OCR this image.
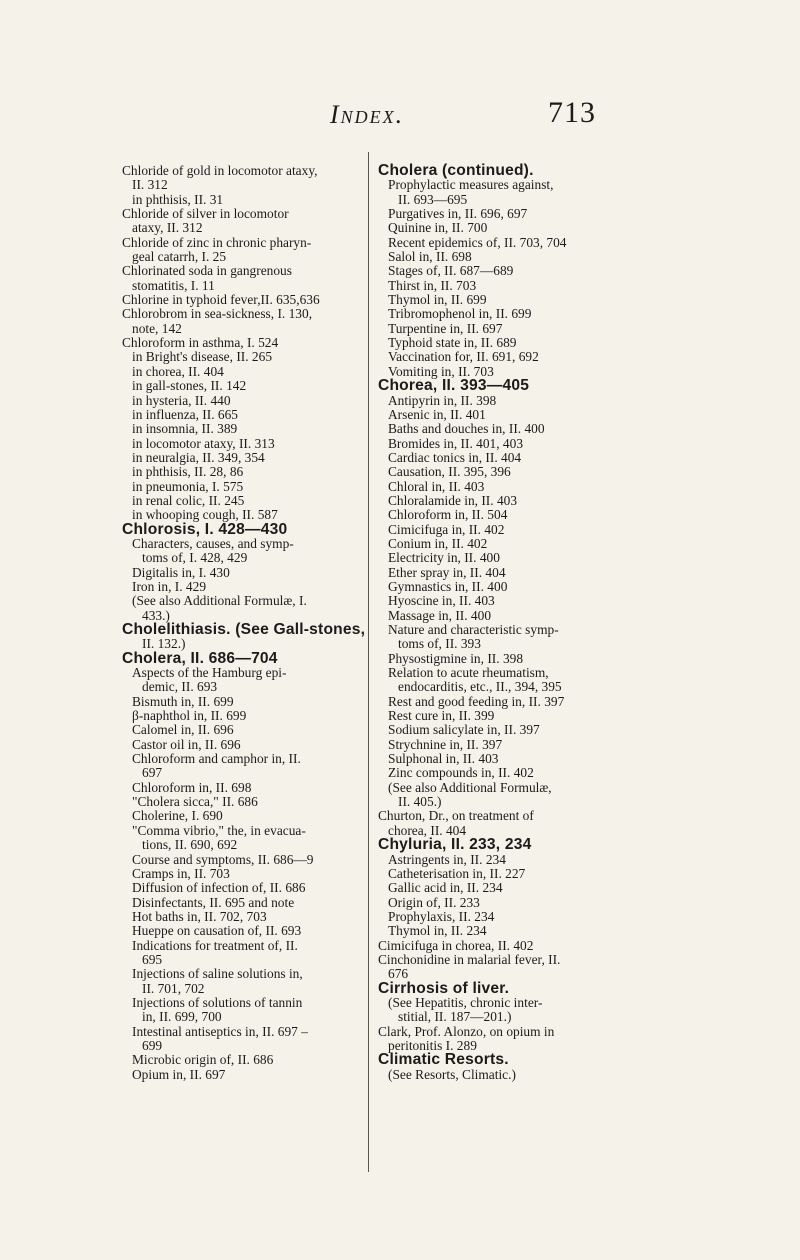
Index.	713
Chloride of gold in locomotor ataxy,
II. 312
in phthisis, II. 31
Chloride of silver in locomotor
ataxy, II. 312
Chloride of zinc in chronic pharyn-
geal catarrh, I. 25
Chlorinated soda in gangrenous
stomatitis, I. 11
Chlorine in typhoid fever,II. 635,636
Chlorobrom in sea-sickness, I. 130,
note, 142
Chloroform in asthma, I. 524
in Bright's disease, II. 265
in chorea, II. 404
in gall-stones, II. 142
in hysteria, II. 440
in influenza, II. 665
in insomnia, II. 389
in locomotor ataxy, II. 313
in neuralgia, II. 349, 354
in phthisis, II. 28, 86
in pneumonia, I. 575
in renal colic, II. 245
in whooping cough, II. 587
Chlorosis, I. 428—430
Characters, causes, and symp-
toms of, I. 428, 429
Digitalis in, I. 430
Iron in, I. 429
(See also Additional Formulæ, I.
433.)
Cholelithiasis. (See Gall-stones,
II. 132.)
Cholera, II. 686—704
Aspects of the Hamburg epi-
demic, II. 693
Bismuth in, II. 699
β-naphthol in, II. 699
Calomel in, II. 696
Castor oil in, II. 696
Chloroform and camphor in, II.
697
Chloroform in, II. 698
"Cholera sicca," II. 686
Cholerine, I. 690
"Comma vibrio," the, in evacua-
tions, II. 690, 692
Course and symptoms, II. 686—9
Cramps in, II. 703
Diffusion of infection of, II. 686
Disinfectants, II. 695 and note
Hot baths in, II. 702, 703
Hueppe on causation of, II. 693
Indications for treatment of, II.
695
Injections of saline solutions in,
II. 701, 702
Injections of solutions of tannin
in, II. 699, 700
Intestinal antiseptics in, II. 697 –
699
Microbic origin of, II. 686
Opium in, II. 697
Cholera (continued).
Prophylactic measures against,
II. 693—695
Purgatives in, II. 696, 697
Quinine in, II. 700
Recent epidemics of, II. 703, 704
Salol in, II. 698
Stages of, II. 687—689
Thirst in, II. 703
Thymol in, II. 699
Tribromophenol in, II. 699
Turpentine in, II. 697
Typhoid state in, II. 689
Vaccination for, II. 691, 692
Vomiting in, II. 703
Chorea, II. 393—405
Antipyrin in, II. 398
Arsenic in, II. 401
Baths and douches in, II. 400
Bromides in, II. 401, 403
Cardiac tonics in, II. 404
Causation, II. 395, 396
Chloral in, II. 403
Chloralamide in, II. 403
Chloroform in, II. 504
Cimicifuga in, II. 402
Conium in, II. 402
Electricity in, II. 400
Ether spray in, II. 404
Gymnastics in, II. 400
Hyoscine in, II. 403
Massage in, II. 400
Nature and characteristic symp-
toms of, II. 393
Physostigmine in, II. 398
Relation to acute rheumatism,
endocarditis, etc., II., 394, 395
Rest and good feeding in, II. 397
Rest cure in, II. 399
Sodium salicylate in, II. 397
Strychnine in, II. 397
Sulphonal in, II. 403
Zinc compounds in, II. 402
(See also Additional Formulæ,
II. 405.)
Churton, Dr., on treatment of
chorea, II. 404
Chyluria, II. 233, 234
Astringents in, II. 234
Catheterisation in, II. 227
Gallic acid in, II. 234
Origin of, II. 233
Prophylaxis, II. 234
Thymol in, II. 234
Cimicifuga in chorea, II. 402
Cinchonidine in malarial fever, II.
676
Cirrhosis of liver.
(See Hepatitis, chronic inter-
stitial, II. 187—201.)
Clark, Prof. Alonzo, on opium in
peritonitis I. 289
Climatic Resorts.
(See Resorts, Climatic.)
